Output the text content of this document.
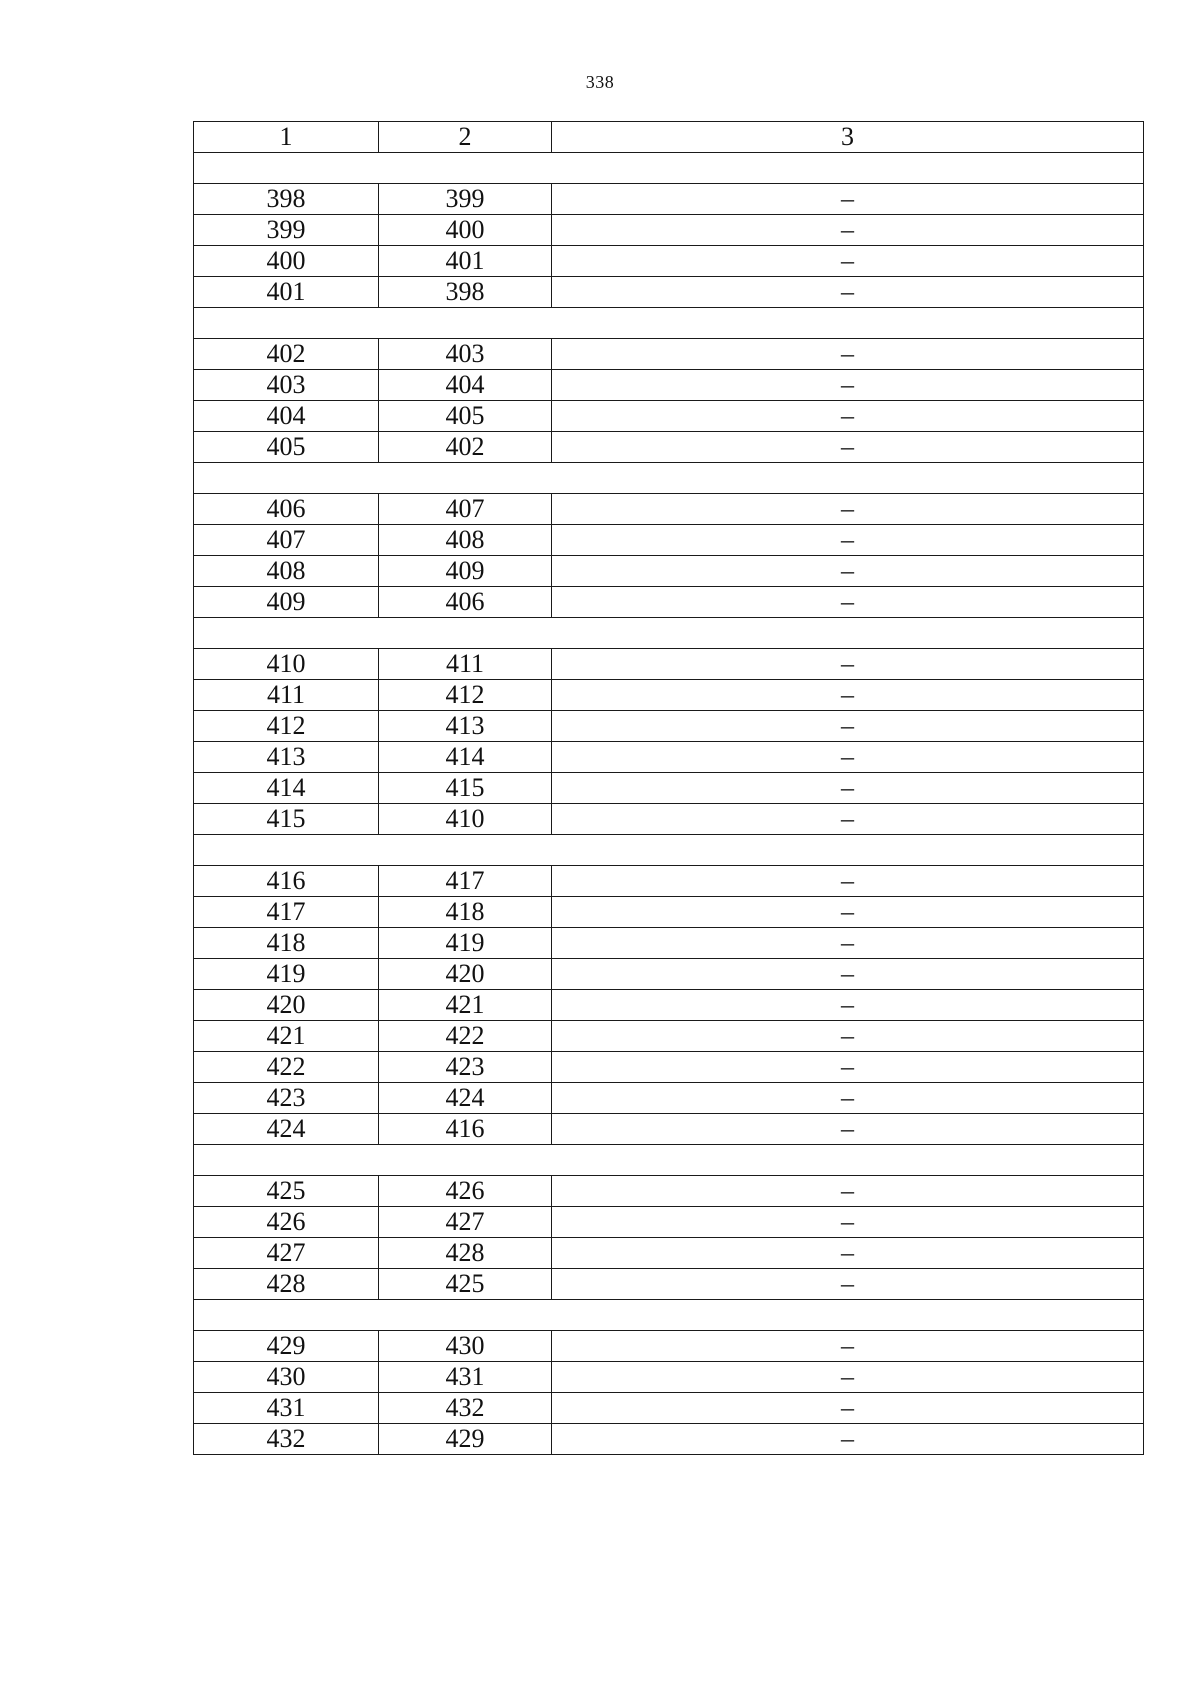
338
1	2	3

398	399	–
399	400	–
400	401	–
401	398	–

402	403	–
403	404	–
404	405	–
405	402	–

406	407	–
407	408	–
408	409	–
409	406	–

410	411	–
411	412	–
412	413	–
413	414	–
414	415	–
415	410	–

416	417	–
417	418	–
418	419	–
419	420	–
420	421	–
421	422	–
422	423	–
423	424	–
424	416	–

425	426	–
426	427	–
427	428	–
428	425	–

429	430	–
430	431	–
431	432	–
432	429	–
